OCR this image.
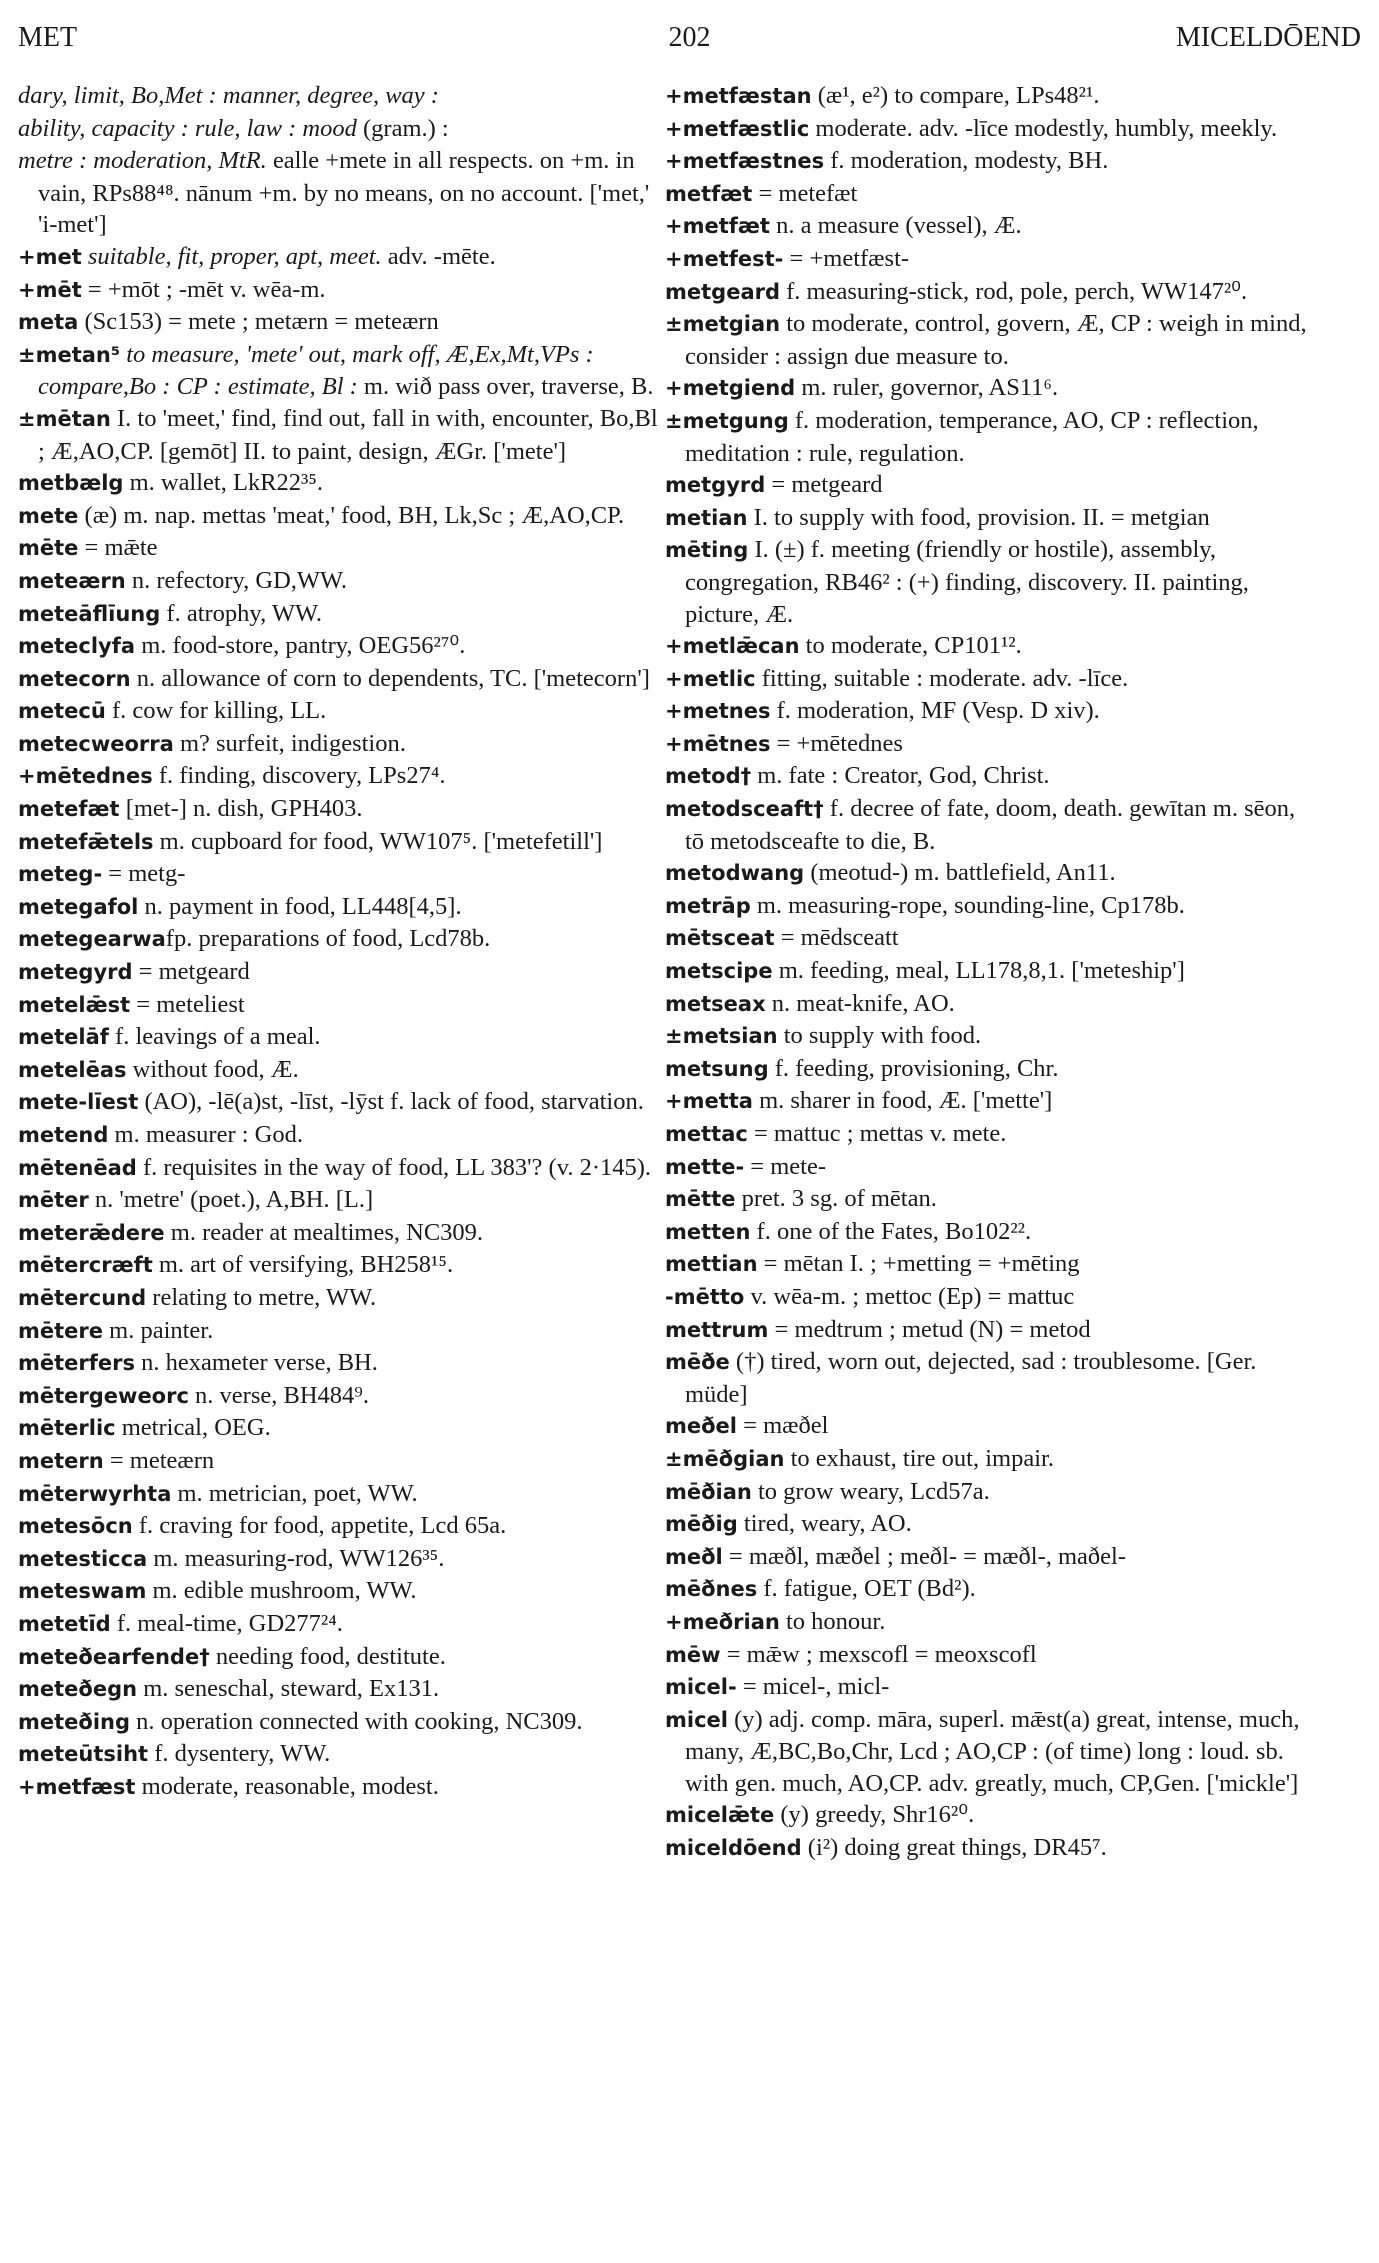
MET	202	MICELDŌEND
dary, limit, Bo,Met : manner, degree, way :
ability, capacity : rule, law : mood (gram.) :
metre : moderation, MtR. ealle +mete in all respects. on +m. in vain, RPs88⁴⁸. nānum +m. by no means, on no account. ['met,' 'i-met']
+met suitable, fit, proper, apt, meet. adv. -mēte.
+mēt = +mōt ; -mēt v. wēa-m.
meta (Sc153) = mete ; metærn = meteærn
±metan⁵ to measure, 'mete' out, mark off, Æ,Ex,Mt,VPs : compare,Bo : CP : estimate, Bl : m. wið pass over, traverse, B.
±mētan I. to 'meet,' find, find out, fall in with, encounter, Bo,Bl ; Æ,AO,CP. [gemōt] II. to paint, design, ÆGr. ['mete']
metbælg m. wallet, LkR22³⁵.
mete (æ) m. nap. mettas 'meat,' food, BH, Lk,Sc ; Æ,AO,CP.
mēte = mǣte
meteærn n. refectory, GD,WW.
meteāflīung f. atrophy, WW.
meteclyfa m. food-store, pantry, OEG56²⁷⁰.
metecorn n. allowance of corn to dependents, TC. ['metecorn']
metecū f. cow for killing, LL.
metecweorra m? surfeit, indigestion.
+mētednes f. finding, discovery, LPs27⁴.
metefæt [met-] n. dish, GPH403.
metefǣtels m. cupboard for food, WW107⁵. ['metefetill']
meteg- = metg-
metegafol n. payment in food, LL448[4,5].
metegearwafp. preparations of food, Lcd78b.
metegyrd = metgeard
metelǣst = meteliest
metelāf f. leavings of a meal.
metelēas without food, Æ.
mete-līest (AO), -lē(a)st, -līst, -lȳst f. lack of food, starvation.
metend m. measurer : God.
mētenēad f. requisites in the way of food, LL 383'? (v. 2·145).
mēter n. 'metre' (poet.), A,BH. [L.]
meterǣdere m. reader at mealtimes, NC309.
mētercræft m. art of versifying, BH258¹⁵.
mētercund relating to metre, WW.
mētere m. painter.
mēterfers n. hexameter verse, BH.
mētergeweorc n. verse, BH484⁹.
mēterlic metrical, OEG.
metern = meteærn
mēterwyrhta m. metrician, poet, WW.
metesōcn f. craving for food, appetite, Lcd 65a.
metesticca m. measuring-rod, WW126³⁵.
meteswam m. edible mushroom, WW.
metetīd f. meal-time, GD277²⁴.
meteðearfende† needing food, destitute.
meteðegn m. seneschal, steward, Ex131.
meteðing n. operation connected with cooking, NC309.
meteūtsiht f. dysentery, WW.
+metfæst moderate, reasonable, modest.
+metfæstan (æ¹, e²) to compare, LPs48²¹.
+metfæstlic moderate. adv. -līce modestly, humbly, meekly.
+metfæstnes f. moderation, modesty, BH.
metfæt = metefæt
+metfæt n. a measure (vessel), Æ.
+metfest- = +metfæst-
metgeard f. measuring-stick, rod, pole, perch, WW147²⁰.
±metgian to moderate, control, govern, Æ, CP : weigh in mind, consider : assign due measure to.
+metgiend m. ruler, governor, AS11⁶.
±metgung f. moderation, temperance, AO, CP : reflection, meditation : rule, regulation.
metgyrd = metgeard
metian I. to supply with food, provision. II. = metgian
mēting I. (±) f. meeting (friendly or hostile), assembly, congregation, RB46² : (+) finding, discovery. II. painting, picture, Æ.
+metlǣcan to moderate, CP101¹².
+metlic fitting, suitable : moderate. adv. -līce.
+metnes f. moderation, MF (Vesp. D xiv).
+mētnes = +mētednes
metod† m. fate : Creator, God, Christ.
metodsceaft† f. decree of fate, doom, death. gewītan m. sēon, tō metodsceafte to die, B.
metodwang (meotud-) m. battlefield, An11.
metrāp m. measuring-rope, sounding-line, Cp178b.
mētsceat = mēdsceatt
metscipe m. feeding, meal, LL178,8,1. ['meteship']
metseax n. meat-knife, AO.
±metsian to supply with food.
metsung f. feeding, provisioning, Chr.
+metta m. sharer in food, Æ. ['mette']
mettac = mattuc ; mettas v. mete.
mette- = mete-
mētte pret. 3 sg. of mētan.
metten f. one of the Fates, Bo102²².
mettian = mētan I. ; +metting = +mēting
-mētto v. wēa-m. ; mettoc (Ep) = mattuc
mettrum = medtrum ; metud (N) = metod
mēðe (†) tired, worn out, dejected, sad : troublesome. [Ger. müde]
meðel = mæðel
±mēðgian to exhaust, tire out, impair.
mēðian to grow weary, Lcd57a.
mēðig tired, weary, AO.
meðl = mæðl, mæðel ; meðl- = mæðl-, maðel-
mēðnes f. fatigue, OET (Bd²).
+meðrian to honour.
mēw = mǣw ; mexscofl = meoxscofl
micel- = micel-, micl-
micel (y) adj. comp. māra, superl. mǣst(a) great, intense, much, many, Æ,BC,Bo,Chr, Lcd ; AO,CP : (of time) long : loud. sb. with gen. much, AO,CP. adv. greatly, much, CP,Gen. ['mickle']
micelǣte (y) greedy, Shr16²⁰.
miceldōend (i²) doing great things, DR45⁷.
